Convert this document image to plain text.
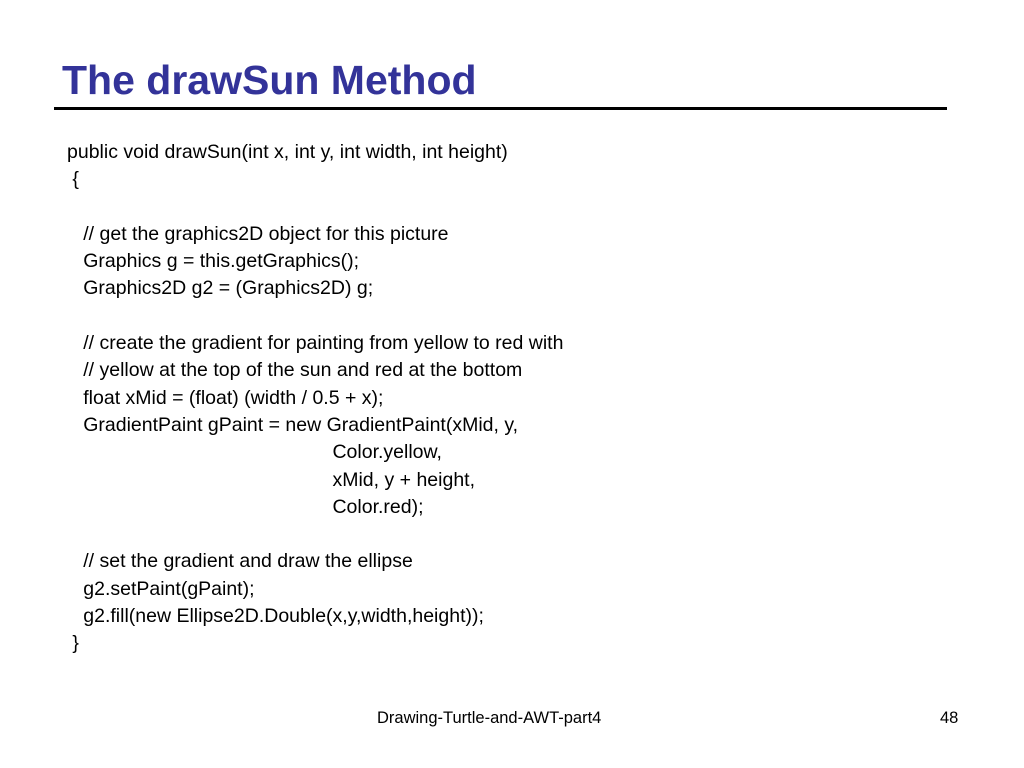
The drawSun Method
public void drawSun(int x, int y, int width, int height)
{
// get the graphics2D object for this picture
Graphics g = this.getGraphics();
Graphics2D g2 = (Graphics2D) g;
// create the gradient for painting from yellow to red with
// yellow at the top of the sun and red at the bottom
float xMid = (float) (width / 0.5 + x);
GradientPaint gPaint = new GradientPaint(xMid, y,
Color.yellow,
xMid, y + height,
Color.red);
// set the gradient and draw the ellipse
g2.setPaint(gPaint);
g2.fill(new Ellipse2D.Double(x,y,width,height));
}
Drawing-Turtle-and-AWT-part4	48
